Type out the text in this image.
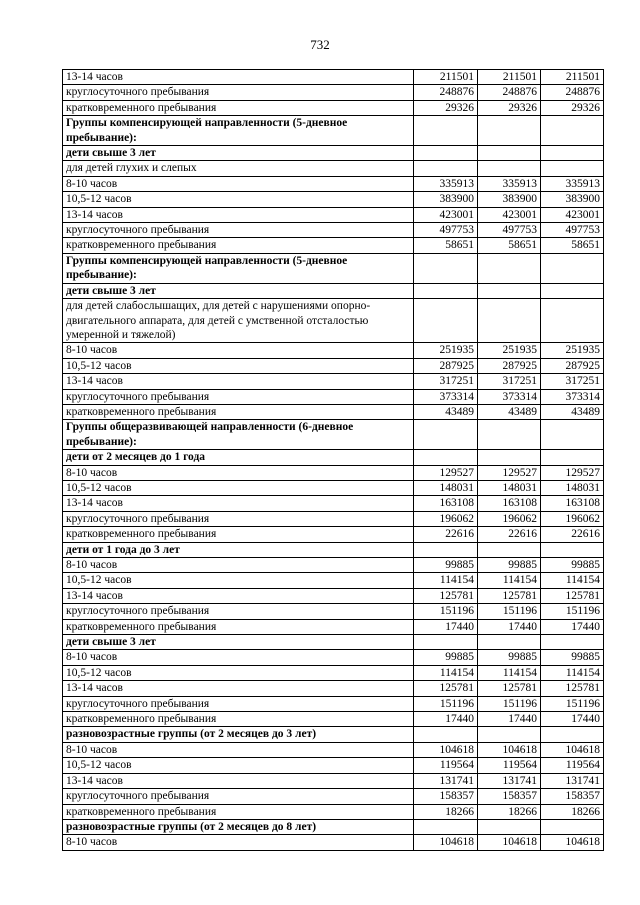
732
13-14 часов	211501	211501	211501
круглосуточного пребывания	248876	248876	248876
кратковременного пребывания	29326	29326	29326
Группы компенсирующей направленности (5-дневное пребывание):			
дети свыше 3 лет			
для детей глухих и слепых			
8-10 часов	335913	335913	335913
10,5-12 часов	383900	383900	383900
13-14 часов	423001	423001	423001
круглосуточного пребывания	497753	497753	497753
кратковременного пребывания	58651	58651	58651
Группы компенсирующей направленности (5-дневное пребывание):			
дети свыше 3 лет			
для детей слабослышащих, для детей с нарушениями опорно-двигательного аппарата, для детей с умственной отсталостью умеренной и тяжелой)			
8-10 часов	251935	251935	251935
10,5-12 часов	287925	287925	287925
13-14 часов	317251	317251	317251
круглосуточного пребывания	373314	373314	373314
кратковременного пребывания	43489	43489	43489
Группы общеразвивающей направленности (6-дневное пребывание):			
дети от 2 месяцев до 1 года			
8-10 часов	129527	129527	129527
10,5-12 часов	148031	148031	148031
13-14 часов	163108	163108	163108
круглосуточного пребывания	196062	196062	196062
кратковременного пребывания	22616	22616	22616
дети от 1 года до 3 лет			
8-10 часов	99885	99885	99885
10,5-12 часов	114154	114154	114154
13-14 часов	125781	125781	125781
круглосуточного пребывания	151196	151196	151196
кратковременного пребывания	17440	17440	17440
дети свыше 3 лет			
8-10 часов	99885	99885	99885
10,5-12 часов	114154	114154	114154
13-14 часов	125781	125781	125781
круглосуточного пребывания	151196	151196	151196
кратковременного пребывания	17440	17440	17440
разновозрастные группы (от 2 месяцев до 3 лет)			
8-10 часов	104618	104618	104618
10,5-12 часов	119564	119564	119564
13-14 часов	131741	131741	131741
круглосуточного пребывания	158357	158357	158357
кратковременного пребывания	18266	18266	18266
разновозрастные группы (от 2 месяцев до 8 лет)			
8-10 часов	104618	104618	104618
